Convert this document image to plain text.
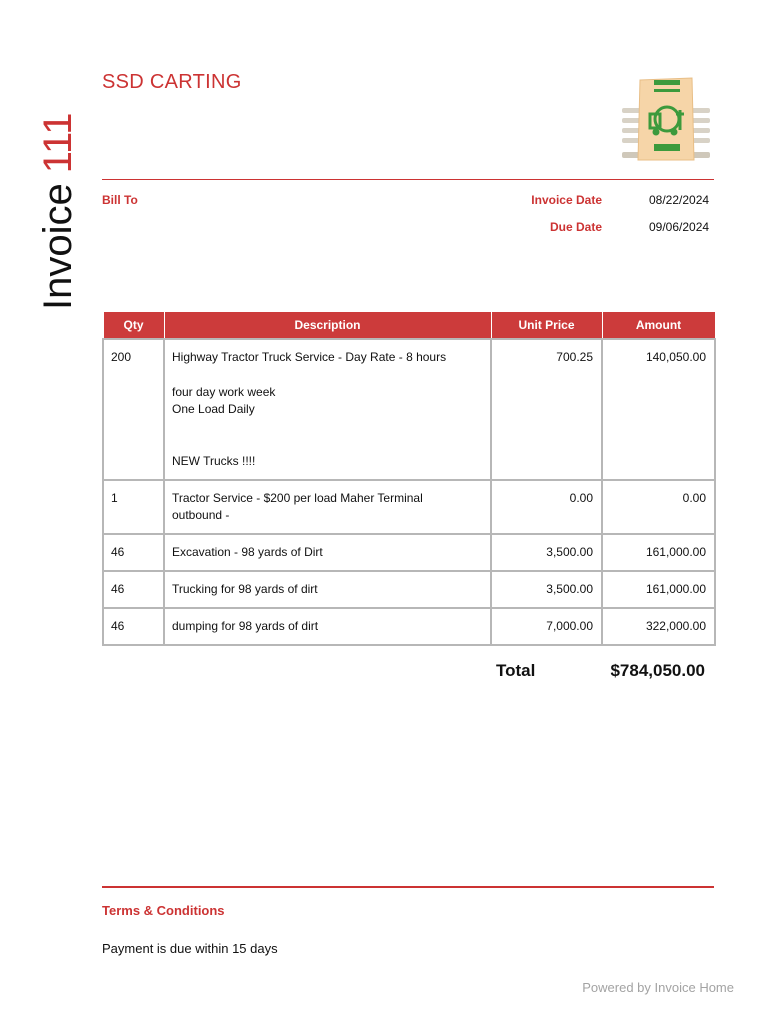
Invoice111
SSD CARTING
Bill To	Invoice Date	08/22/2024
Due Date	09/06/2024
Qty	Description	Unit Price	Amount
200	Highway Tractor Truck Service - Day Rate - 8 hours
four day work week
One Load Daily
NEW Trucks !!!!	700.25	140,050.00
1	Tractor Service - $200 per load Maher Terminal
outbound -	0.00	0.00
46	Excavation - 98 yards of Dirt	3,500.00	161,000.00
46	Trucking for 98 yards of dirt	3,500.00	161,000.00
46	dumping for 98 yards of dirt	7,000.00	322,000.00
Total	$784,050.00
Terms & Conditions
Payment is due within 15 days
Powered by Invoice Home
